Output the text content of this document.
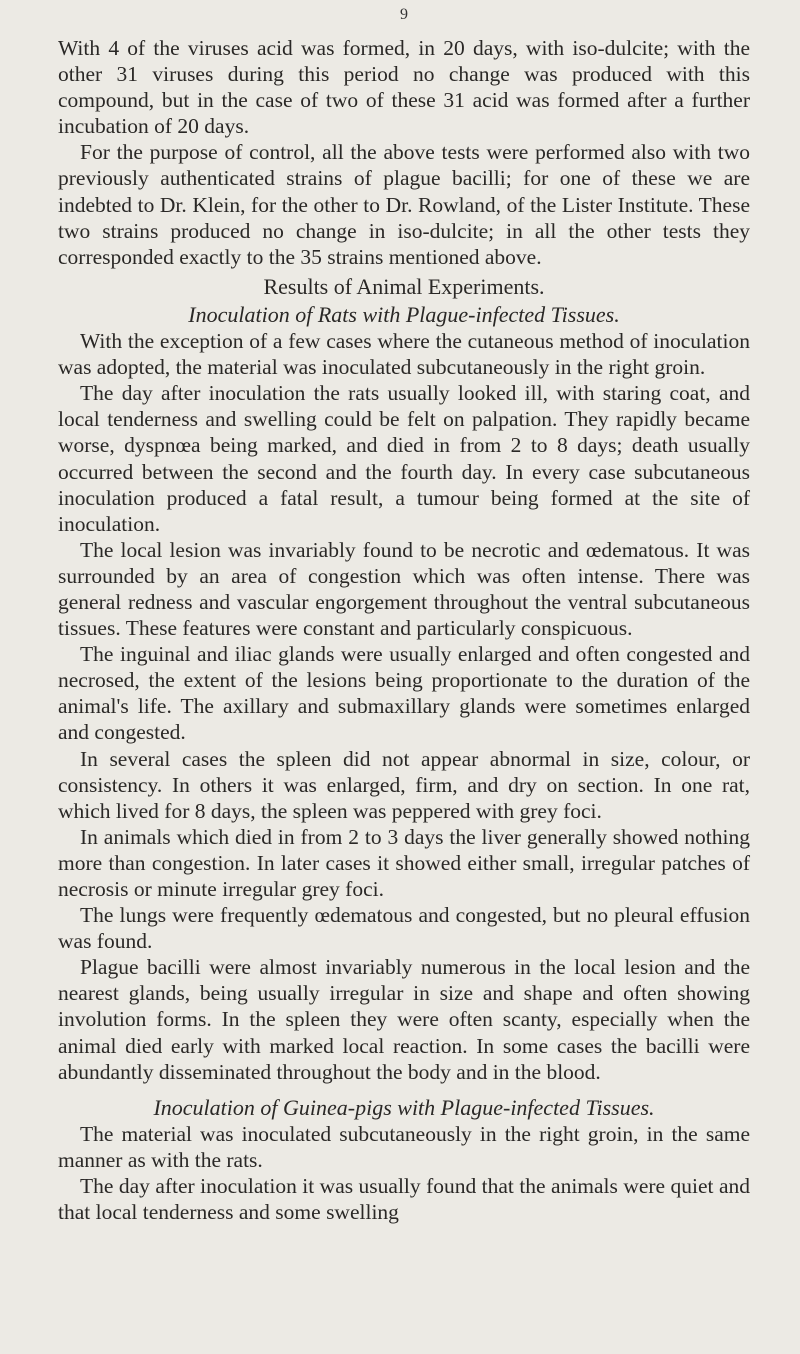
9

With 4 of the viruses acid was formed, in 20 days, with iso-dulcite; with the other 31 viruses during this period no change was produced with this compound, but in the case of two of these 31 acid was formed after a further incubation of 20 days.

For the purpose of control, all the above tests were performed also with two previously authenticated strains of plague bacilli; for one of these we are indebted to Dr. Klein, for the other to Dr. Rowland, of the Lister Institute. These two strains produced no change in iso-dulcite; in all the other tests they corresponded exactly to the 35 strains mentioned above.

Results of Animal Experiments.
Inoculation of Rats with Plague-infected Tissues.

With the exception of a few cases where the cutaneous method of inoculation was adopted, the material was inoculated subcutaneously in the right groin.

The day after inoculation the rats usually looked ill, with staring coat, and local tenderness and swelling could be felt on palpation. They rapidly became worse, dyspnœa being marked, and died in from 2 to 8 days; death usually occurred between the second and the fourth day. In every case subcutaneous inoculation produced a fatal result, a tumour being formed at the site of inoculation.

The local lesion was invariably found to be necrotic and œdematous. It was surrounded by an area of congestion which was often intense. There was general redness and vascular engorgement throughout the ventral subcutaneous tissues. These features were constant and particularly conspicuous.

The inguinal and iliac glands were usually enlarged and often congested and necrosed, the extent of the lesions being proportionate to the duration of the animal's life. The axillary and submaxillary glands were sometimes enlarged and congested.

In several cases the spleen did not appear abnormal in size, colour, or consistency. In others it was enlarged, firm, and dry on section. In one rat, which lived for 8 days, the spleen was peppered with grey foci.

In animals which died in from 2 to 3 days the liver generally showed nothing more than congestion. In later cases it showed either small, irregular patches of necrosis or minute irregular grey foci.

The lungs were frequently œdematous and congested, but no pleural effusion was found.

Plague bacilli were almost invariably numerous in the local lesion and the nearest glands, being usually irregular in size and shape and often showing involution forms. In the spleen they were often scanty, especially when the animal died early with marked local reaction. In some cases the bacilli were abundantly disseminated throughout the body and in the blood.

Inoculation of Guinea-pigs with Plague-infected Tissues.

The material was inoculated subcutaneously in the right groin, in the same manner as with the rats.

The day after inoculation it was usually found that the animals were quiet and that local tenderness and some swelling
